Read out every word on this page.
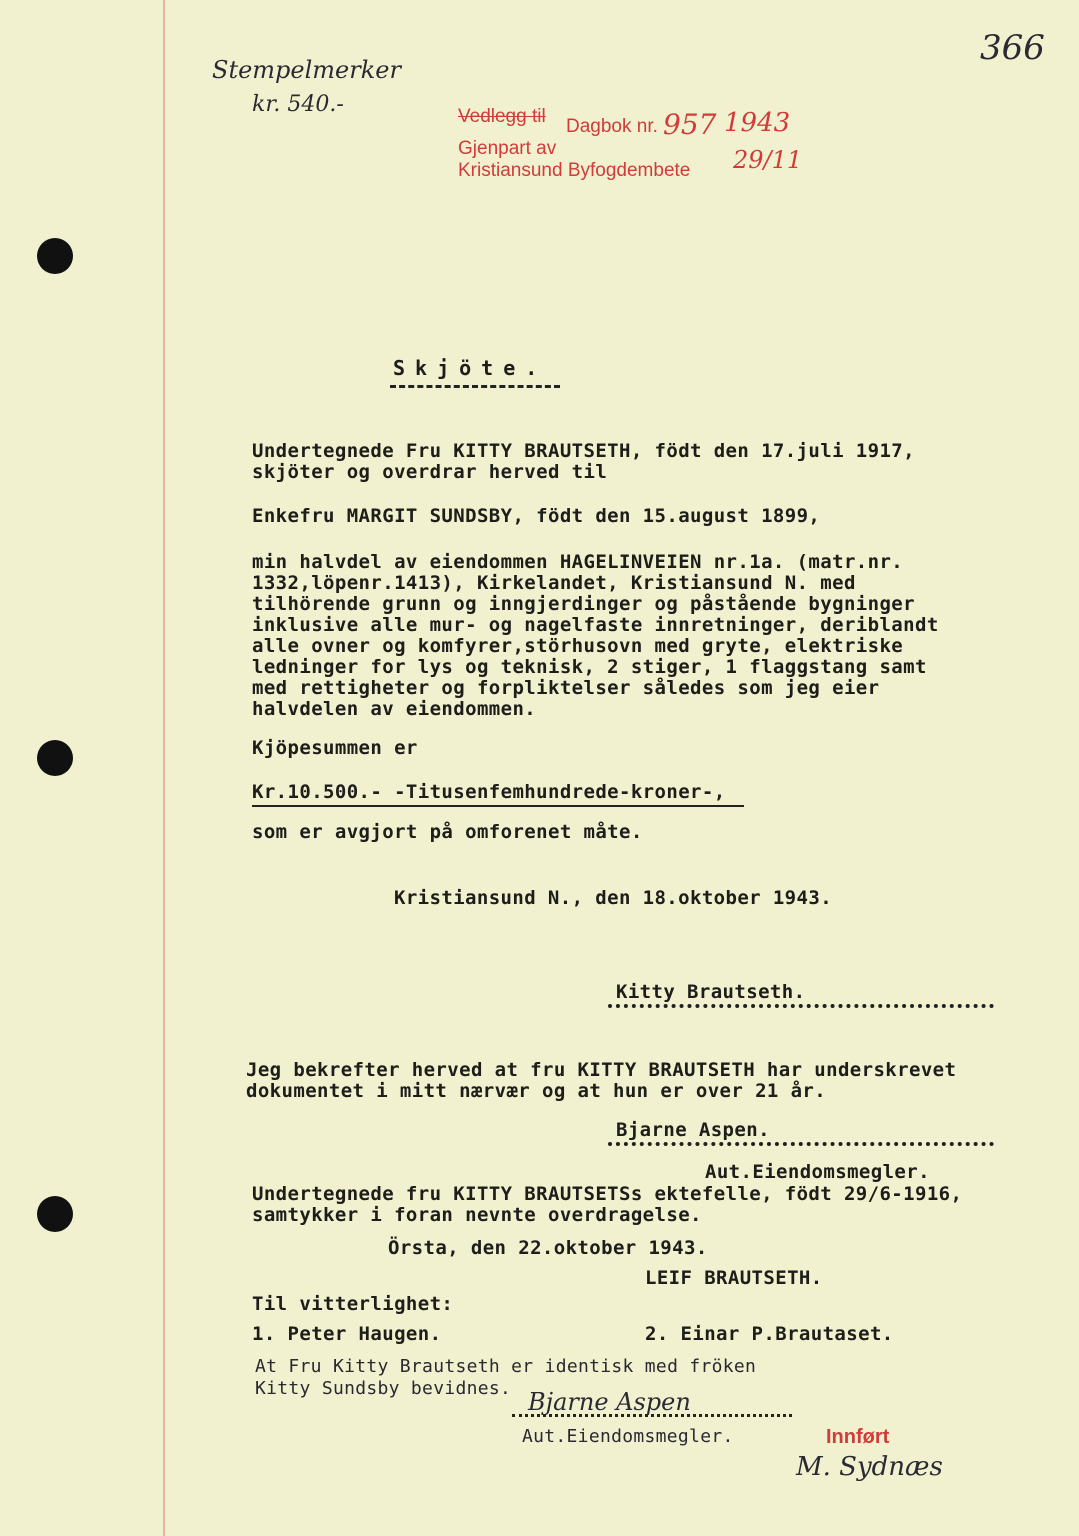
Stempelmerker
kr. 540.-
366
Vedlegg til Dagbok nr. 957 1943
Gjenpart av
Kristiansund Byfogdembete 29/11
Skjöte.
Undertegnede Fru KITTY BRAUTSETH, födt den 17.juli 1917,
skjöter og overdrar herved til
Enkefru MARGIT SUNDSBY, födt den 15.august 1899,
min halvdel av eiendommen HAGELINVEIEN nr.1a. (matr.nr.
1332,löpenr.1413), Kirkelandet, Kristiansund N. med
tilhörende grunn og inngjerdinger og påstående bygninger
inklusive alle mur- og nagelfaste innretninger, deriblandt
alle ovner og komfyrer,störhusovn med gryte, elektriske
ledninger for lys og teknisk, 2 stiger, 1 flaggstang samt
med rettigheter og forpliktelser således som jeg eier
halvdelen av eiendommen.
Kjöpesummen er
Kr.10.500.- -Titusenfemhundrede-kroner-,
som er avgjort på omforenet måte.
Kristiansund N., den 18.oktober 1943.
Kitty Brautseth.
Jeg bekrefter herved at fru KITTY BRAUTSETH har underskrevet
dokumentet i mitt nærvær og at hun er over 21 år.
Bjarne Aspen.
Aut.Eiendomsmegler.
Undertegnede fru KITTY BRAUTSETSs ektefelle, födt 29/6-1916,
samtykker i foran nevnte overdragelse.
Örsta, den 22.oktober 1943.
LEIF BRAUTSETH.
Til vitterlighet:
1. Peter Haugen.	2. Einar P.Brautaset.
At Fru Kitty Brautseth er identisk med fröken
Kitty Sundsby bevidnes. Bjarne Aspen
Aut.Eiendomsmegler.	Innført
M. Sydnæs
